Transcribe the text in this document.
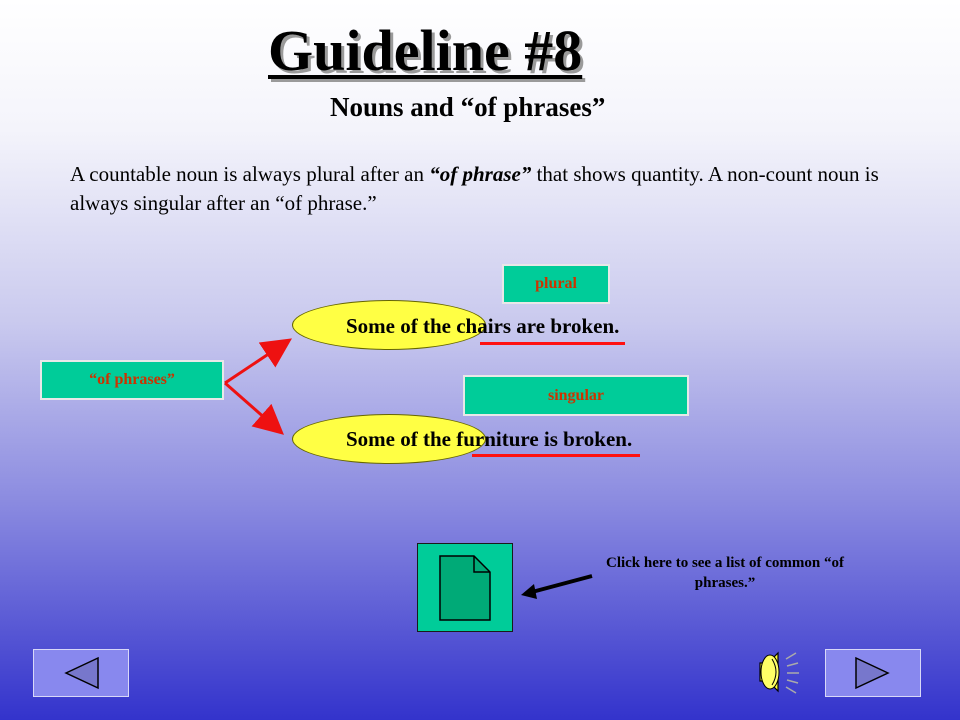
Guideline #8
Nouns and “of phrases”
A countable noun is always plural after an “of phrase” that shows quantity. A non-count noun is always singular after an “of phrase.”
plural
Some of the chairs are broken.
“of phrases”
singular
Some of the furniture is broken.
Click here to see a list of common “of phrases.”
